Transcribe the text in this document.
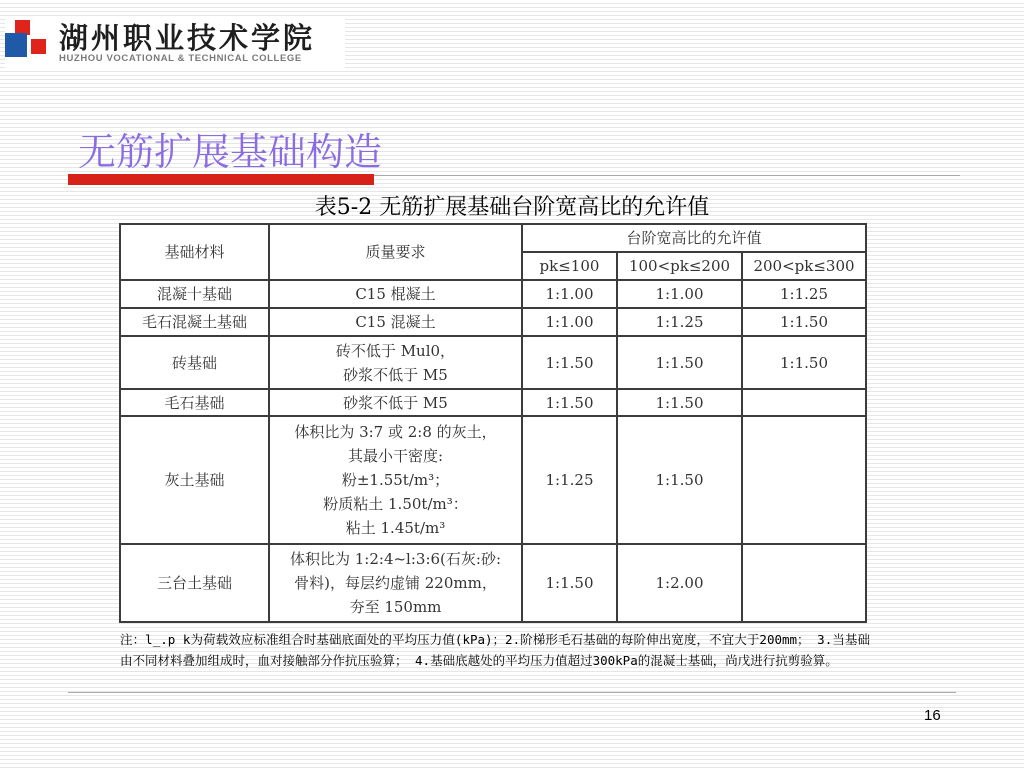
湖州职业技术学院
HUZHOU VOCATIONAL & TECHNICAL COLLEGE
无筋扩展基础构造
表5-2 无筋扩展基础台阶宽高比的允许值
基础材料	质量要求	台阶宽高比的允许值		
		pk≤100	100<pk≤200	200<pk≤300
混凝十基础	C15 棍凝土	1:1.00	1:1.00	1:1.25
毛石混凝土基础	C15 混凝土	1:1.00	1:1.25	1:1.50
砖基础	砖不低于 Mul0，
砂浆不低于 M5	1:1.50	1:1.50	1:1.50
毛石基础	砂浆不低于 M5	1:1.50	1:1.50	
灰土基础	体积比为 3:7 或 2:8 的灰土，
其最小干密度:
粉±1.55t/m³；
粉质粘土 1.50t/m³：
粘土 1.45t/m³	1:1.25	1:1.50	
三台土基础	体积比为 1:2:4~l:3:6(石灰:砂:
骨料)，每层约虚铺 220mm，
夯至 150mm	1:1.50	1:2.00	
注：l_.p k为荷载效应标准组合时基础底面处的平均压力值(kPa)；2.阶梯形毛石基础的每阶伸出宽度，不宜大于200mm； 3.当基础由不同材料叠加组成时，血对接触部分作抗压验算； 4.基础底越处的平均压力值超过300kPa的混凝士基础，尚戊进行抗剪验算。
16
